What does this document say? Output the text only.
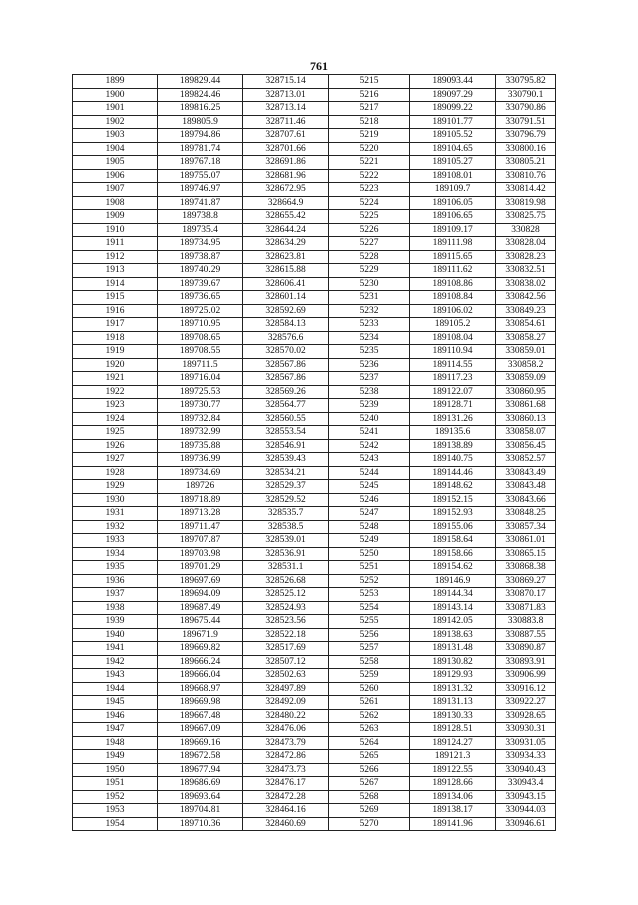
761
1899	189829.44	328715.14	5215	189093.44	330795.82
1900	189824.46	328713.01	5216	189097.29	330790.1
1901	189816.25	328713.14	5217	189099.22	330790.86
1902	189805.9	328711.46	5218	189101.77	330791.51
1903	189794.86	328707.61	5219	189105.52	330796.79
1904	189781.74	328701.66	5220	189104.65	330800.16
1905	189767.18	328691.86	5221	189105.27	330805.21
1906	189755.07	328681.96	5222	189108.01	330810.76
1907	189746.97	328672.95	5223	189109.7	330814.42
1908	189741.87	328664.9	5224	189106.05	330819.98
1909	189738.8	328655.42	5225	189106.65	330825.75
1910	189735.4	328644.24	5226	189109.17	330828
1911	189734.95	328634.29	5227	189111.98	330828.04
1912	189738.87	328623.81	5228	189115.65	330828.23
1913	189740.29	328615.88	5229	189111.62	330832.51
1914	189739.67	328606.41	5230	189108.86	330838.02
1915	189736.65	328601.14	5231	189108.84	330842.56
1916	189725.02	328592.69	5232	189106.02	330849.23
1917	189710.95	328584.13	5233	189105.2	330854.61
1918	189708.65	328576.6	5234	189108.04	330858.27
1919	189708.55	328570.02	5235	189110.94	330859.01
1920	189711.5	328567.86	5236	189114.55	330858.2
1921	189716.04	328567.86	5237	189117.23	330859.09
1922	189725.53	328569.26	5238	189122.07	330860.95
1923	189730.77	328564.77	5239	189128.71	330861.68
1924	189732.84	328560.55	5240	189131.26	330860.13
1925	189732.99	328553.54	5241	189135.6	330858.07
1926	189735.88	328546.91	5242	189138.89	330856.45
1927	189736.99	328539.43	5243	189140.75	330852.57
1928	189734.69	328534.21	5244	189144.46	330843.49
1929	189726	328529.37	5245	189148.62	330843.48
1930	189718.89	328529.52	5246	189152.15	330843.66
1931	189713.28	328535.7	5247	189152.93	330848.25
1932	189711.47	328538.5	5248	189155.06	330857.34
1933	189707.87	328539.01	5249	189158.64	330861.01
1934	189703.98	328536.91	5250	189158.66	330865.15
1935	189701.29	328531.1	5251	189154.62	330868.38
1936	189697.69	328526.68	5252	189146.9	330869.27
1937	189694.09	328525.12	5253	189144.34	330870.17
1938	189687.49	328524.93	5254	189143.14	330871.83
1939	189675.44	328523.56	5255	189142.05	330883.8
1940	189671.9	328522.18	5256	189138.63	330887.55
1941	189669.82	328517.69	5257	189131.48	330890.87
1942	189666.24	328507.12	5258	189130.82	330893.91
1943	189666.04	328502.63	5259	189129.93	330906.99
1944	189668.97	328497.89	5260	189131.32	330916.12
1945	189669.98	328492.09	5261	189131.13	330922.27
1946	189667.48	328480.22	5262	189130.33	330928.65
1947	189667.09	328476.06	5263	189128.51	330930.31
1948	189669.16	328473.79	5264	189124.27	330931.05
1949	189672.58	328472.86	5265	189121.3	330934.33
1950	189677.94	328473.73	5266	189122.55	330940.43
1951	189686.69	328476.17	5267	189128.66	330943.4
1952	189693.64	328472.28	5268	189134.06	330943.15
1953	189704.81	328464.16	5269	189138.17	330944.03
1954	189710.36	328460.69	5270	189141.96	330946.61
